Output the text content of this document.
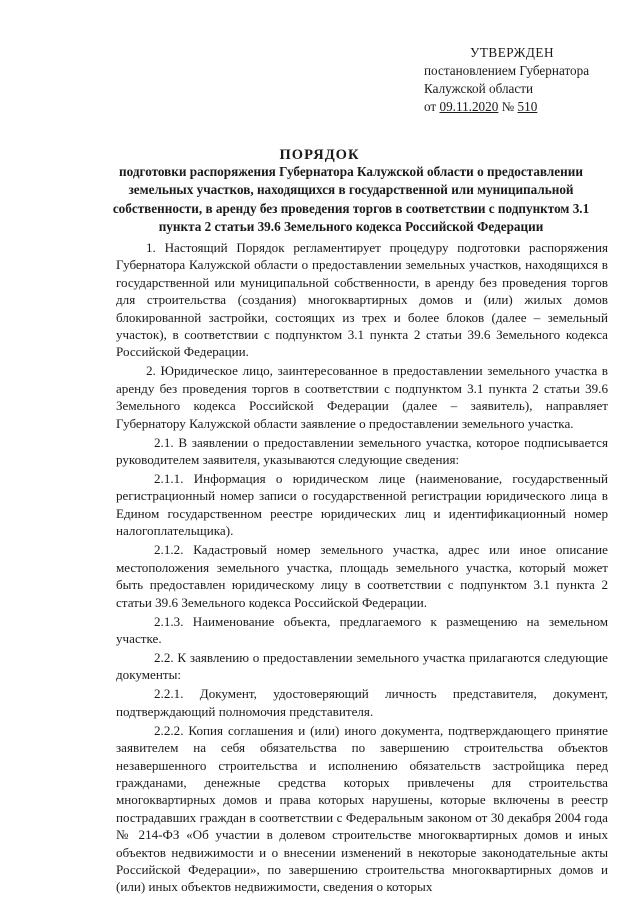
УТВЕРЖДЕН
постановлением Губернатора
Калужской области
от 09.11.2020 № 510
ПОРЯДОК
подготовки распоряжения Губернатора Калужской области о предоставлении земельных участков, находящихся в государственной или муниципальной собственности, в аренду без проведения торгов в соответствии с подпунктом 3.1 пункта 2 статьи 39.6 Земельного кодекса Российской Федерации

1. Настоящий Порядок регламентирует процедуру подготовки распоряжения Губернатора Калужской области о предоставлении земельных участков, находящихся в государственной или муниципальной собственности, в аренду без проведения торгов для строительства (создания) многоквартирных домов и (или) жилых домов блокированной застройки, состоящих из трех и более блоков (далее – земельный участок), в соответствии с подпунктом 3.1 пункта 2 статьи 39.6 Земельного кодекса Российской Федерации.

2. Юридическое лицо, заинтересованное в предоставлении земельного участка в аренду без проведения торгов в соответствии с подпунктом 3.1 пункта 2 статьи 39.6 Земельного кодекса Российской Федерации (далее – заявитель), направляет Губернатору Калужской области заявление о предоставлении земельного участка.

2.1. В заявлении о предоставлении земельного участка, которое подписывается руководителем заявителя, указываются следующие сведения:

2.1.1. Информация о юридическом лице (наименование, государственный регистрационный номер записи о государственной регистрации юридического лица в Едином государственном реестре юридических лиц и идентификационный номер налогоплательщика).

2.1.2. Кадастровый номер земельного участка, адрес или иное описание местоположения земельного участка, площадь земельного участка, который может быть предоставлен юридическому лицу в соответствии с подпунктом 3.1 пункта 2 статьи 39.6 Земельного кодекса Российской Федерации.

2.1.3. Наименование объекта, предлагаемого к размещению на земельном участке.

2.2. К заявлению о предоставлении земельного участка прилагаются следующие документы:

2.2.1. Документ, удостоверяющий личность представителя, документ, подтверждающий полномочия представителя.

2.2.2. Копия соглашения и (или) иного документа, подтверждающего принятие заявителем на себя обязательства по завершению строительства объектов незавершенного строительства и исполнению обязательств застройщика перед гражданами, денежные средства которых привлечены для строительства многоквартирных домов и права которых нарушены, которые включены в реестр пострадавших граждан в соответствии с Федеральным законом от 30 декабря 2004 года № 214-ФЗ «Об участии в долевом строительстве многоквартирных домов и иных объектов недвижимости и о внесении изменений в некоторые законодательные акты Российской Федерации», по завершению строительства многоквартирных домов и (или) иных объектов недвижимости, сведения о которых
